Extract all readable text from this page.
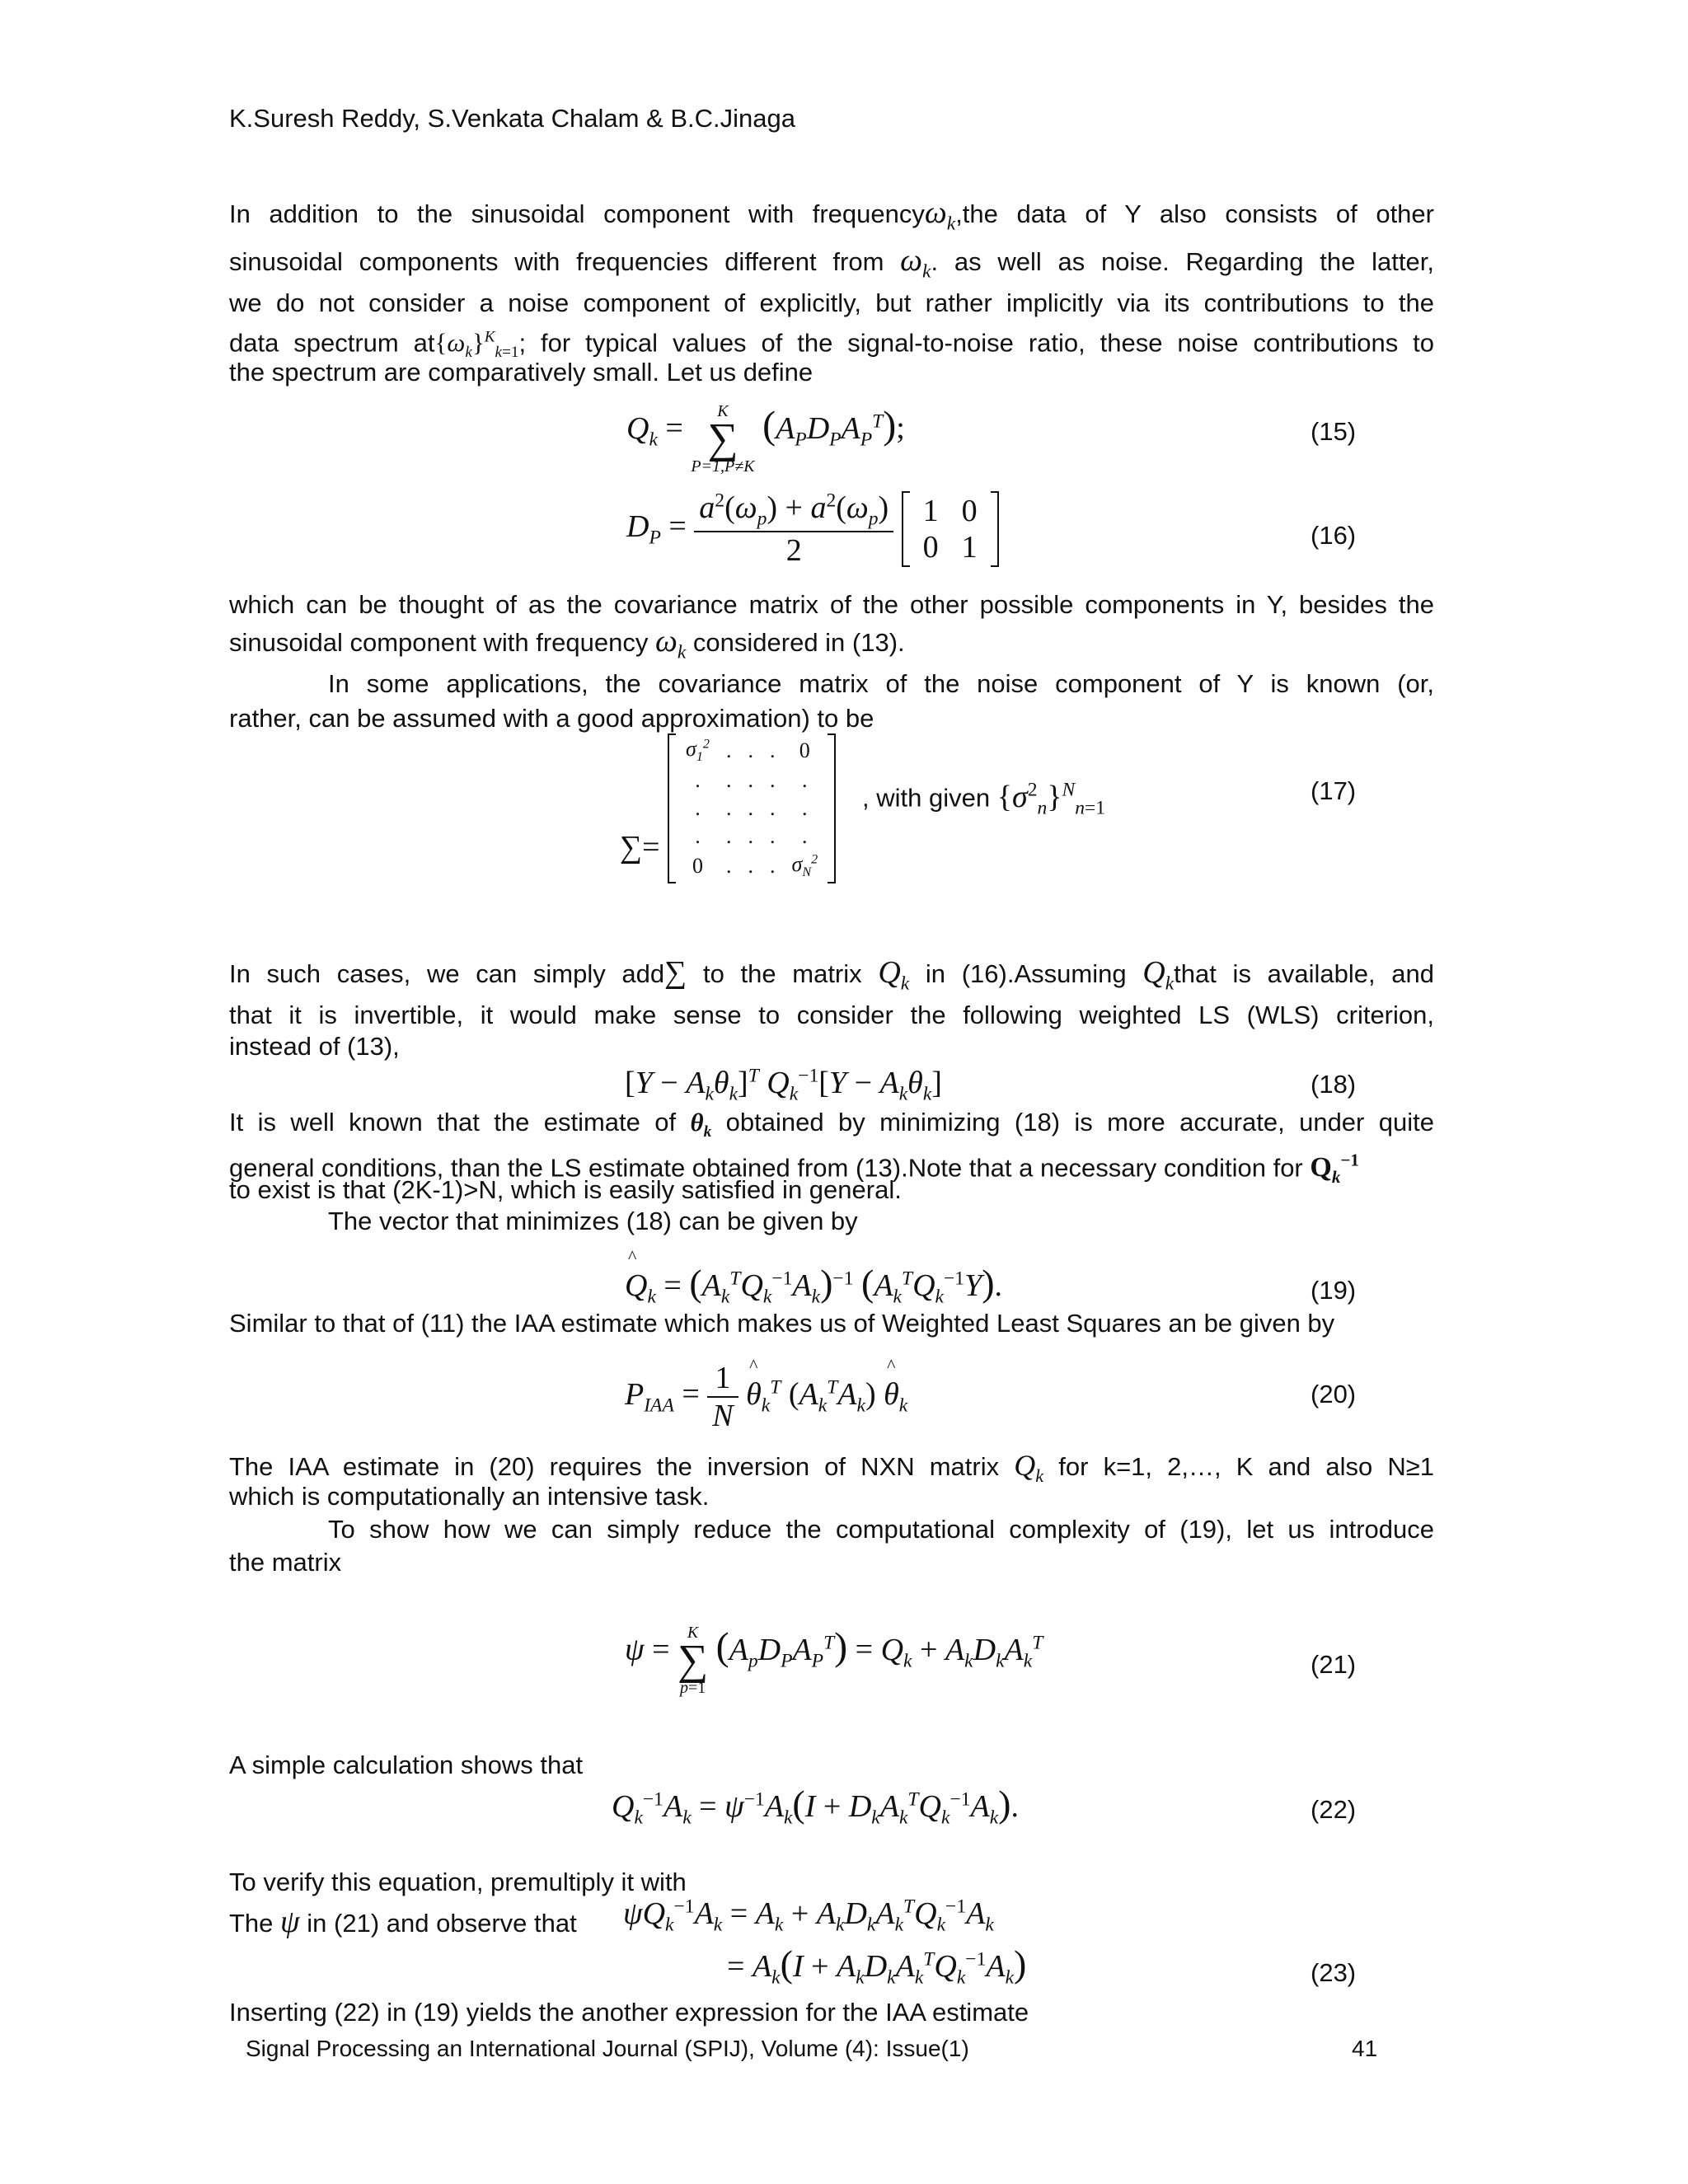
K.Suresh Reddy, S.Venkata Chalam & B.C.Jinaga
In addition to the sinusoidal component with frequencyω$_k$,the data of Y also consists of other
sinusoidal components with frequencies different from $\omega_k$. as well as noise. Regarding the latter,
we do not consider a noise component of explicitly, but rather implicitly via its contributions to the
data spectrum $at\{\omega_k\}^K_{k=1}$; for typical values of the signal-to-noise ratio, these noise contributions to
the spectrum are comparatively small. Let us define
$Q_k$ =	K
∑
P=1,P≠K
$(A_PD_PA_P^T)$;	(15)
$D_P = \frac{a^2(\omega_p) + a^2(\omega_p)}{2}$
1	0
0	1	(16)
which can be thought of as the covariance matrix of the other possible components in Y, besides the
sinusoidal component with frequency $\omega_k$ considered in (13).
In some applications, the covariance matrix of the noise component of Y is known (or,
rather, can be assumed with a good approximation) to be
∑=
$\sigma_1^2$	.	.	.	0
.	.	.	.	.
.	.	.	.	.
.	.	.	.	.
0	.	.	.	$\sigma_N^2$
, with given $\{\sigma^2_n\}^N_{n=1}$
(17)
In such cases, we can simply add∑ to the matrix $Q_k$ in (16).Assuming $Q_kthat$ is available, and
that it is invertible, it would make sense to consider the following weighted LS (WLS) criterion,
instead of (13),
$[Y - A_k\theta_k]^T$ $Q_k^{-1}[Y - A_k\theta_k]$	(18)
It is well known that the estimate of $\theta_k$ obtained by minimizing (18) is more accurate, under quite
general conditions, than the LS estimate obtained from (13).Note that a necessary condition for $Q_k^{-1}$
to exist is that (2K-1)>N, which is easily satisfied in general.
The vector that minimizes (18) can be given by
^ $Q_k = (A_k^TQ_k^{-1}A_k)^{-1}$ $(A_k^TQ_k^{-1}Y)$.	(19)
Similar to that of (11) the IAA estimate which makes us of Weighted Least Squares an be given by
$P_{IAA} = \frac{1}{N}$ ^ $\theta_k^T$ $(A_k^TA_k)$ ^ $\theta_k$	(20)
The IAA estimate in (20) requires the inversion of NXN matrix $Q_k$ for k=1, 2,…, K and also N≥1
which is computationally an intensive task.
To show how we can simply reduce the computational complexity of (19), let us introduce
the matrix
ψ = K
∑
p=1
$(A_pD_PA_P^T) = Q_k + A_kD_kA_k^T$
(21)
A simple calculation shows that
$Q_k^{-1}A_k = \psi^{-1}A_k(I + D_kA_k^TQ_k^{-1}A_k)$.	(22)
To verify this equation, premultiply it with
The ψ in (21) and observe that $\psi Q_k^{-1}A_k = A_k + A_kD_kA_k^TQ_k^{-1}A_k$
= $A_k(I + A_kD_kA_k^TQ_k^{-1}A_k)$	(23)
Inserting (22) in (19) yields the another expression for the IAA estimate
Signal Processing an International Journal (SPIJ), Volume (4): Issue(1)	41
